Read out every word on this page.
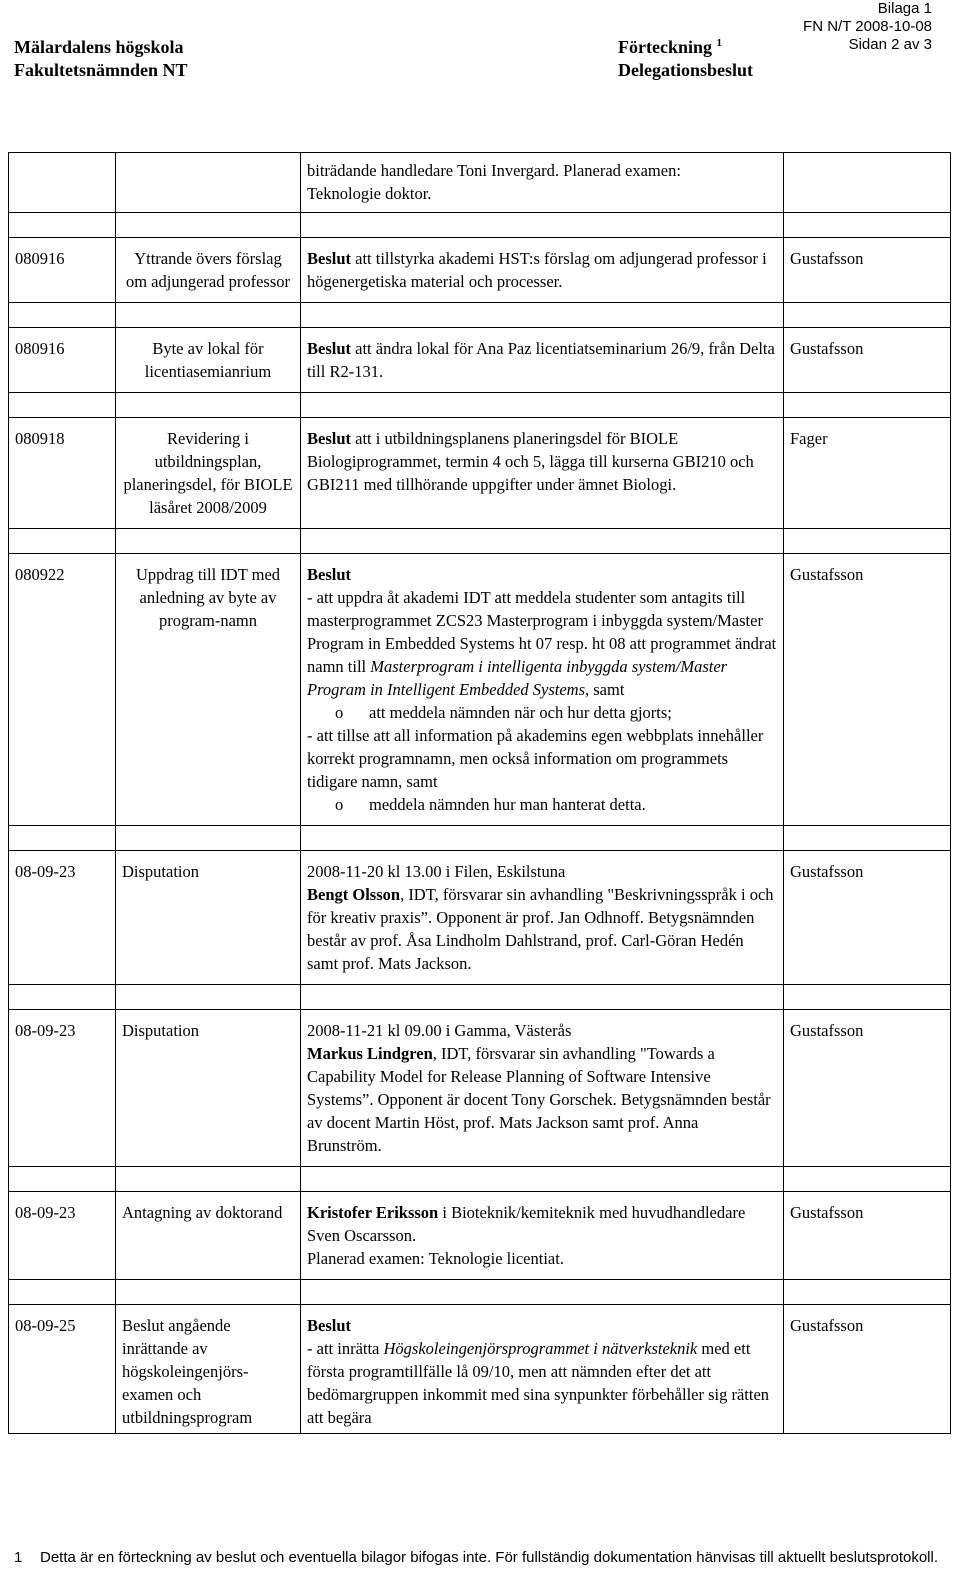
Mälardalens högskola
Fakultetsnämnden NT
Förteckning $^1$
Delegationsbeslut
Bilaga 1
FN N/T 2008-10-08
Sidan 2 av 3

		biträdande handledare Toni Invergard. Planerad examen:
Teknologie doktor.	

080916	Yttrande övers förslag om adjungerad professor	Beslut att tillstyrka akademi HST:s förslag om adjungerad professor i högenergetiska material och processer.	Gustafsson

080916	Byte av lokal för licentiasemianrium	Beslut att ändra lokal för Ana Paz licentiatseminarium 26/9, från Delta till R2-131.	Gustafsson

080918	Revidering i utbildningsplan, planeringsdel, för BIOLE läsåret 2008/2009	Beslut att i utbildningsplanens planeringsdel för BIOLE Biologiprogrammet, termin 4 och 5, lägga till kurserna GBI210 och GBI211 med tillhörande uppgifter under ämnet Biologi.	Fager

080922	Uppdrag till IDT med anledning av byte av program-namn	Beslut
- att uppdra åt akademi IDT att meddela studenter som antagits till masterprogrammet ZCS23 Masterprogram i inbyggda system/Master Program in Embedded Systems ht 07 resp. ht 08 att programmet ändrat namn till Masterprogram i intelligenta inbyggda system/Master Program in Intelligent Embedded Systems, samt
o att meddela nämnden när och hur detta gjorts;
- att tillse att all information på akademins egen webbplats innehåller korrekt programnamn, men också information om programmets tidigare namn, samt
o meddela nämnden hur man hanterat detta.	Gustafsson

08-09-23	Disputation	2008-11-20 kl 13.00 i Filen, Eskilstuna
Bengt Olsson, IDT, försvarar sin avhandling "Beskrivningsspråk i och för kreativ praxis”. Opponent är prof. Jan Odhnoff. Betygsnämnden består av prof. Åsa Lindholm Dahlstrand, prof. Carl-Göran Hedén samt prof. Mats Jackson.	Gustafsson

08-09-23	Disputation	2008-11-21 kl 09.00 i Gamma, Västerås
Markus Lindgren, IDT, försvarar sin avhandling "Towards a Capability Model for Release Planning of Software Intensive Systems”. Opponent är docent Tony Gorschek. Betygsnämnden består av docent Martin Höst, prof. Mats Jackson samt prof. Anna Brunström.	Gustafsson

08-09-23	Antagning av doktorand	Kristofer Eriksson i Bioteknik/kemiteknik med huvudhandledare Sven Oscarsson.
Planerad examen: Teknologie licentiat.	Gustafsson

08-09-25	Beslut angående inrättande av högskoleingenjörs-examen och utbildningsprogram	Beslut
- att inrätta Högskoleingenjörsprogrammet i nätverksteknik med ett första programtillfälle lå 09/10, men att nämnden efter det att bedömargruppen inkommit med sina synpunkter förbehåller sig rätten att begära	Gustafsson
1 Detta är en förteckning av beslut och eventuella bilagor bifogas inte. För fullständig dokumentation hänvisas till aktuellt beslutsprotokoll.
